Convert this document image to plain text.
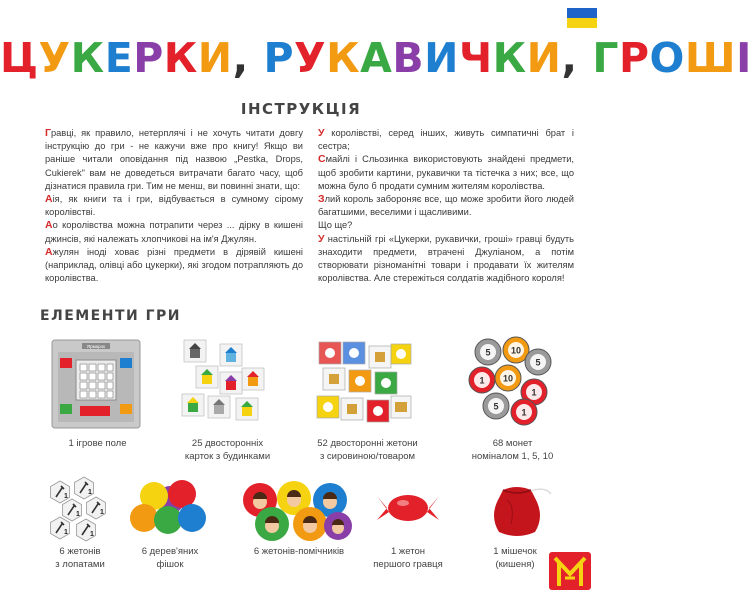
ЦУКЕРКИ, РУКАВИЧКИ, ГРОШІ
ІНСТРУКЦІЯ

Гравці, як правило, нетерплячі і не хочуть читати довгу інструкцію до гри - не кажучи вже про книгу! Якщо ви раніше читали оповідання під назвою „Pestka, Drops, Cukierek" вам не доведеться витрачати багато часу, щоб дізнатися правила гри. Тим не менш, ви повинні знати, що:

Аія, як книги та і гри, відбувається в сумному сірому королівстві.

Ао королівства можна потрапити через ... дірку в кишені джинсів, які належать хлопчикові на ім'я Джулян.

Ажулян іноді ховає різні предмети в дірявій кишені (наприклад, олівці або цукерки), які згодом потрапляють до королівства.

У королівстві, серед інших, живуть симпатичні брат і сестра;

Смайлі і Сльозинка використовують знайдені предмети, щоб зробити картини, рукавички та тістечка з них; все, що можна було б продати сумним жителям королівства.

Злий король забороняє все, що може зробити його людей багатшими, веселими і щасливими.

Що ще?

У настільній грі «Цукерки, рукавички, гроші» гравці будуть знаходити предмети, втрачені Джуліаном, а потім створювати різноманітні товари і продавати їх жителям королівства. Але стережіться солдатів жадібного короля!

ЕЛЕМЕНТИ ГРИ
Ярмарок
1 ігрове поле	25 двосторонніх
карток з будинками
52 двосторонні жетони
з сировиною/товаром
5 10
5
1 10
1
5
1
68 монет
номіналом 1, 5, 10
1
1
1	1
1	1
6 жетонів
з лопатами
6 дерев'яних
фішок
6 жетонів-помічників	1 жетон
першого гравця
1 мішечок
(кишеня)
